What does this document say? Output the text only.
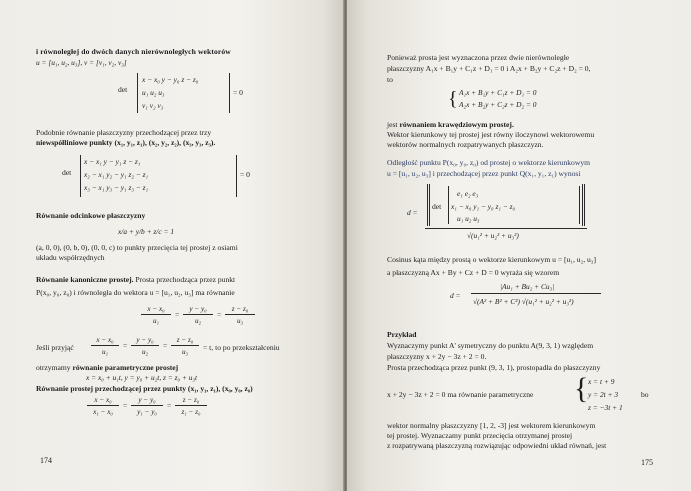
i równoległej do dwóch danych nierównoległych wektorów
u = [u₁, u₂, u₃], v = [v₁, v₂, v₃]
det
x − x₀ y − y₀ z − z₀
u₁ u₂ u₃
v₁ v₂ v₃
= 0
Podobnie równanie płaszczyzny przechodzącej przez trzy
niewspółliniowe punkty (x₁, y₁, z₁), (x₂, y₂, z₂), (x₃, y₃, z₃).
det
x − x₁ y − y₁ z − z₁
x₂ − x₁ y₂ − y₁ z₂ − z₁
x₃ − x₁ y₃ − y₁ z₃ − z₁
= 0
Równanie odcinkowe płaszczyzny
x/a + y/b + z/c = 1
(a, 0, 0), (0, b, 0), (0, 0, c) to punkty przecięcia tej prostej z osiami
układu współrzędnych
Równanie kanoniczne prostej. Prosta przechodząca przez punkt
P(x₀, y₀, z₀) i równoległa do wektora u = [u₁, u₂, u₃] ma równanie
x − x₀
u₁
=
y − y₀
u₂
=
z − z₀
u₃
Jeśli przyjąć
x − x₀
u₁
=
y − y₀
u₂
=
z − z₀
u₃	= t, to po przekształceniu
otrzymamy równanie parametryczne prostej
x = x₀ + u₁t, y = y₀ + u₂t, z = z₀ + u₃t
Równanie prostej przechodzącej przez punkty (x₁, y₁, z₁), (x₀, y₀, z₀)
x − x₀
x₁ − x₀
=
y − y₀
y₁ − y₀
=
z − z₀
z₁ − z₀
174
Ponieważ prosta jest wyznaczona przez dwie nierównoległe
płaszczyzny A₁x + B₁y + C₁z + D₁ = 0 i A₂x + B₂y + C₂z + D₂ = 0,
to
{ A₁x + B₁y + C₁z + D₁ = 0
A₂x + B₂y + C₂z + D₂ = 0
jest równaniem krawędziowym prostej.
Wektor kierunkowy tej prostej jest równy iloczynowi wektorowemu
wektorów normalnych rozpatrywanych płaszczyzn.
Odległość punktu P(x₀, y₀, z₀) od prostej o wektorze kierunkowym
u = [u₁, u₂, u₃] i przechodzącej przez punkt Q(x₁, y₁, z₁) wynosi
d =
det
e₁ e₂ e₃
x₁ − x₀ y₁ − y₀ z₁ − z₀
u₁ u₂ u₃
√(u₁² + u₂² + u₃²)
Cosinus kąta między prostą o wektorze kierunkowym u = [u₁, u₂, u₃]
a płaszczyzną Ax + By + Cz + D = 0 wyraża się wzorem
d =
|Au₁ + Bu₂ + Cu₃|
√(A² + B² + C²) √(u₁² + u₂² + u₃²)
Przykład
Wyznaczymy punkt A' symetryczny do punktu A(9, 3, 1) względem
płaszczyzny x + 2y − 3z + 2 = 0.
Prosta przechodząca przez punkt (9, 3, 1), prostopadła do płaszczyzny
x + 2y − 3z + 2 = 0 ma równanie parametryczne { x = t + 9
y = 2t + 3
z = −3t + 1
bo
wektor normalny płaszczyzny [1, 2, -3] jest wektorem kierunkowym
tej prostej. Wyznaczamy punkt przecięcia otrzymanej prostej
z rozpatrywaną płaszczyzną rozwiązując odpowiedni układ równań, jest
175
